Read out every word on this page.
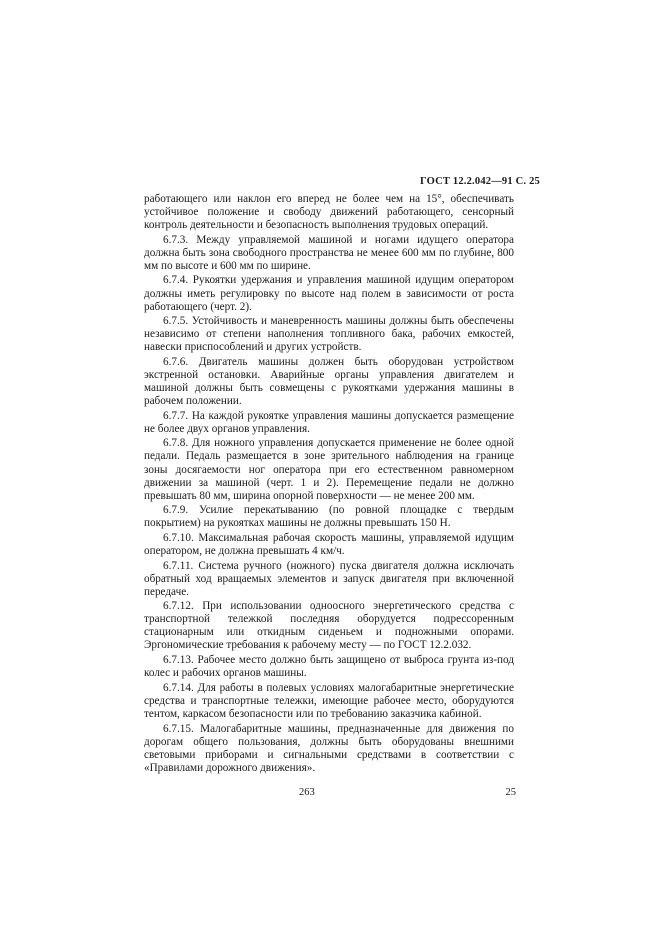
ГОСТ 12.2.042—91 С. 25

работающего или наклон его вперед не более чем на 15°, обеспечивать устойчивое положение и свободу движений работающего, сенсорный контроль деятельности и безопасность выполнения трудовых операций.

6.7.3. Между управляемой машиной и ногами идущего оператора должна быть зона свободного пространства не менее 600 мм по глубине, 800 мм по высоте и 600 мм по ширине.

6.7.4. Рукоятки удержания и управления машиной идущим оператором должны иметь регулировку по высоте над полем в зависимости от роста работающего (черт. 2).

6.7.5. Устойчивость и маневренность машины должны быть обеспечены независимо от степени наполнения топливного бака, рабочих емкостей, навески приспособлений и других устройств.

6.7.6. Двигатель машины должен быть оборудован устройством экстренной остановки. Аварийные органы управления двигателем и машиной должны быть совмещены с рукоятками удержания машины в рабочем положении.

6.7.7. На каждой рукоятке управления машины допускается размещение не более двух органов управления.

6.7.8. Для ножного управления допускается применение не более одной педали. Педаль размещается в зоне зрительного наблюдения на границе зоны досягаемости ног оператора при его естественном равномерном движении за машиной (черт. 1 и 2). Перемещение педали не должно превышать 80 мм, ширина опорной поверхности — не менее 200 мм.

6.7.9. Усилие перекатыванию (по ровной площадке с твердым покрытием) на рукоятках машины не должны превышать 150 Н.

6.7.10. Максимальная рабочая скорость машины, управляемой идущим оператором, не должна превышать 4 км/ч.

6.7.11. Система ручного (ножного) пуска двигателя должна исключать обратный ход вращаемых элементов и запуск двигателя при включенной передаче.

6.7.12. При использовании одноосного энергетического средства с транспортной тележкой последняя оборудуется подрессоренным стационарным или откидным сиденьем и подножными опорами. Эргономические требования к рабочему месту — по ГОСТ 12.2.032.

6.7.13. Рабочее место должно быть защищено от выброса грунта из-под колес и рабочих органов машины.

6.7.14. Для работы в полевых условиях малогабаритные энергетические средства и транспортные тележки, имеющие рабочее место, оборудуются тентом, каркасом безопасности или по требованию заказчика кабиной.

6.7.15. Малогабаритные машины, предназначенные для движения по дорогам общего пользования, должны быть оборудованы внешними световыми приборами и сигнальными средствами в соответствии с «Правилами дорожного движения».

263	25
